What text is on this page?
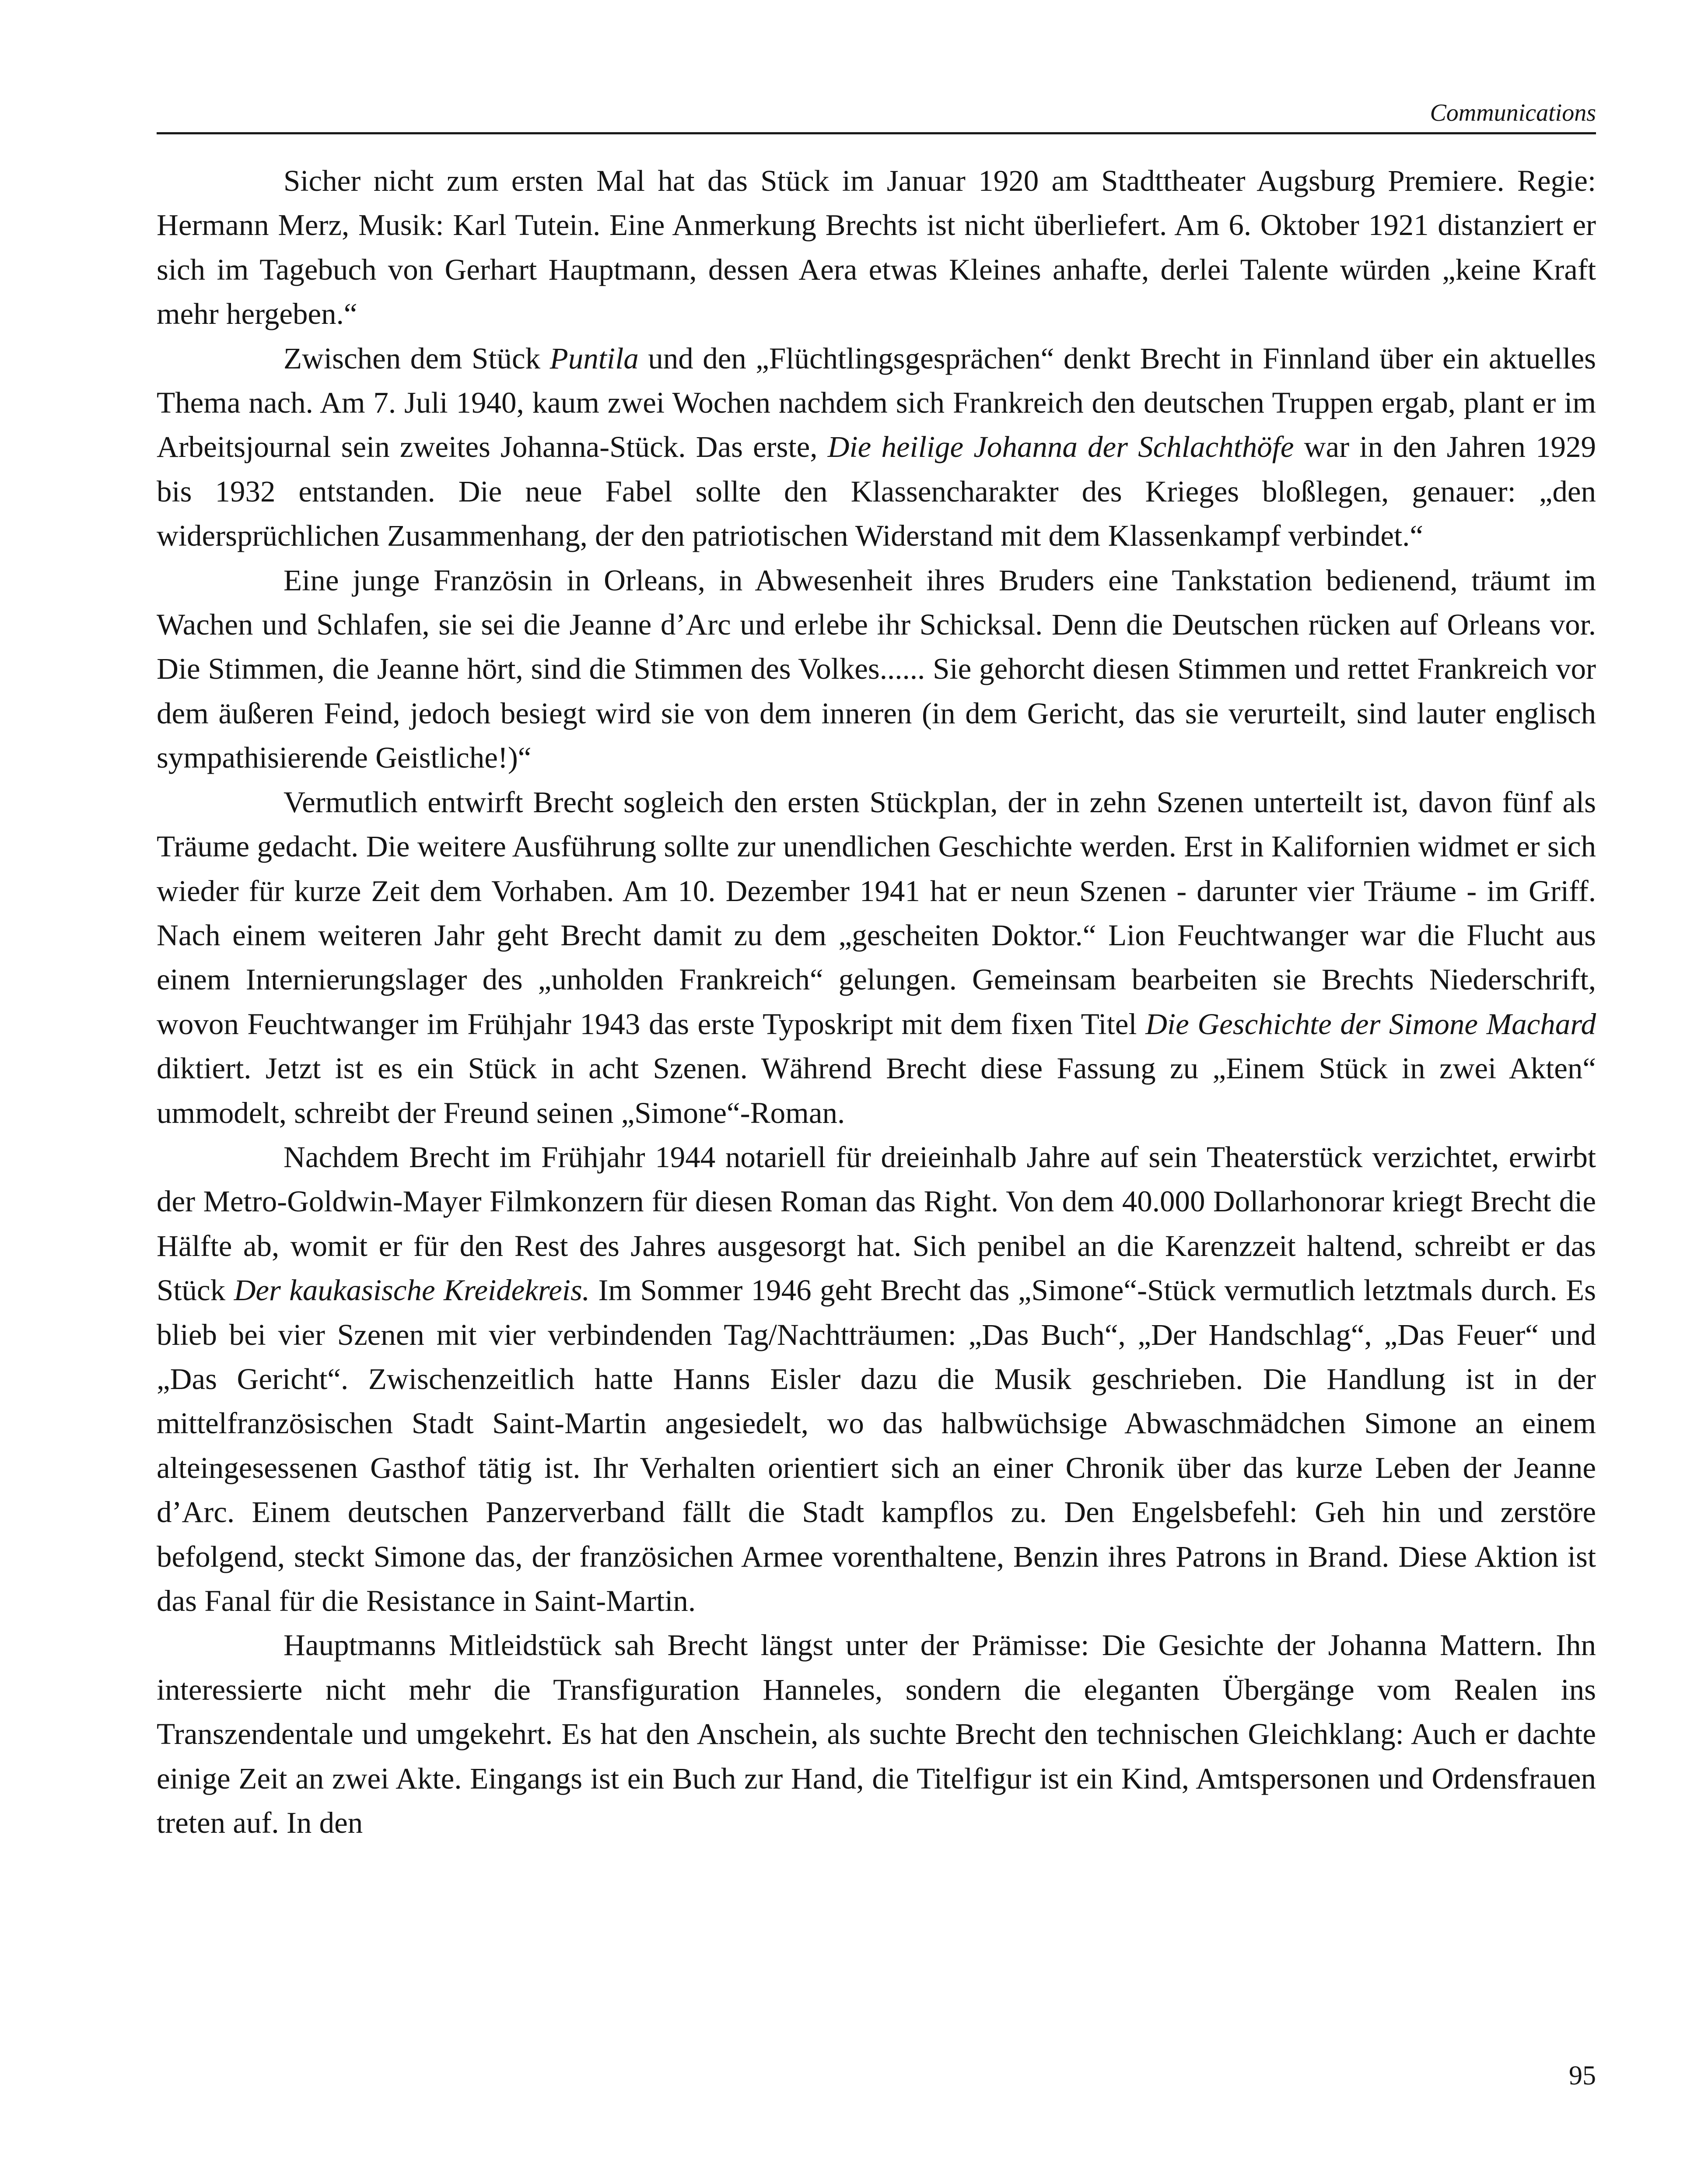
Communications

Sicher nicht zum ersten Mal hat das Stück im Januar 1920 am Stadttheater Augsburg Premiere. Regie: Hermann Merz, Musik: Karl Tutein. Eine Anmerkung Brechts ist nicht überliefert. Am 6. Oktober 1921 distanziert er sich im Tagebuch von Gerhart Hauptmann, dessen Aera etwas Kleines anhafte, derlei Talente würden „keine Kraft mehr hergeben.“

Zwischen dem Stück Puntila und den „Flüchtlingsgesprächen“ denkt Brecht in Finnland über ein aktuelles Thema nach. Am 7. Juli 1940, kaum zwei Wochen nachdem sich Frankreich den deutschen Truppen ergab, plant er im Arbeitsjournal sein zweites Johanna-Stück. Das erste, Die heilige Johanna der Schlachthöfe war in den Jahren 1929 bis 1932 entstanden. Die neue Fabel sollte den Klassencharakter des Krieges bloßlegen, genauer: „den widersprüchlichen Zusammenhang, der den patriotischen Widerstand mit dem Klassenkampf verbindet.“

Eine junge Französin in Orleans, in Abwesenheit ihres Bruders eine Tankstation bedienend, träumt im Wachen und Schlafen, sie sei die Jeanne d’Arc und erlebe ihr Schicksal. Denn die Deutschen rücken auf Orleans vor. Die Stimmen, die Jeanne hört, sind die Stimmen des Volkes...... Sie gehorcht diesen Stimmen und rettet Frankreich vor dem äußeren Feind, jedoch besiegt wird sie von dem inneren (in dem Gericht, das sie verurteilt, sind lauter englisch sympathisierende Geistliche!)“

Vermutlich entwirft Brecht sogleich den ersten Stückplan, der in zehn Szenen unterteilt ist, davon fünf als Träume gedacht. Die weitere Ausführung sollte zur unendlichen Geschichte werden. Erst in Kalifornien widmet er sich wieder für kurze Zeit dem Vorhaben. Am 10. Dezember 1941 hat er neun Szenen - darunter vier Träume - im Griff. Nach einem weiteren Jahr geht Brecht damit zu dem „gescheiten Doktor.“ Lion Feuchtwanger war die Flucht aus einem Internierungslager des „unholden Frankreich“ gelungen. Gemeinsam bearbeiten sie Brechts Niederschrift, wovon Feuchtwanger im Frühjahr 1943 das erste Typoskript mit dem fixen Titel Die Geschichte der Simone Machard diktiert. Jetzt ist es ein Stück in acht Szenen. Während Brecht diese Fassung zu „Einem Stück in zwei Akten“ ummodelt, schreibt der Freund seinen „Simone“-Roman.

Nachdem Brecht im Frühjahr 1944 notariell für dreieinhalb Jahre auf sein Theaterstück verzichtet, erwirbt der Metro-Goldwin-Mayer Filmkonzern für diesen Roman das Right. Von dem 40.000 Dollarhonorar kriegt Brecht die Hälfte ab, womit er für den Rest des Jahres ausgesorgt hat. Sich penibel an die Karenzzeit haltend, schreibt er das Stück Der kaukasische Kreidekreis. Im Sommer 1946 geht Brecht das „Simone“-Stück vermutlich letztmals durch. Es blieb bei vier Szenen mit vier verbindenden Tag/Nachtträumen: „Das Buch“, „Der Handschlag“, „Das Feuer“ und „Das Gericht“. Zwischenzeitlich hatte Hanns Eisler dazu die Musik geschrieben. Die Handlung ist in der mittelfranzösischen Stadt Saint-Martin angesiedelt, wo das halbwüchsige Abwaschmädchen Simone an einem alteingesessenen Gasthof tätig ist. Ihr Verhalten orientiert sich an einer Chronik über das kurze Leben der Jeanne d’Arc. Einem deutschen Panzerverband fällt die Stadt kampflos zu. Den Engelsbefehl: Geh hin und zerstöre befolgend, steckt Simone das, der französichen Armee vorenthaltene, Benzin ihres Patrons in Brand. Diese Aktion ist das Fanal für die Resistance in Saint-Martin.

Hauptmanns Mitleidstück sah Brecht längst unter der Prämisse: Die Gesichte der Johanna Mattern. Ihn interessierte nicht mehr die Transfiguration Hanneles, sondern die eleganten Übergänge vom Realen ins Transzendentale und umgekehrt. Es hat den Anschein, als suchte Brecht den technischen Gleichklang: Auch er dachte einige Zeit an zwei Akte. Eingangs ist ein Buch zur Hand, die Titelfigur ist ein Kind, Amtspersonen und Ordensfrauen treten auf. In den

95
